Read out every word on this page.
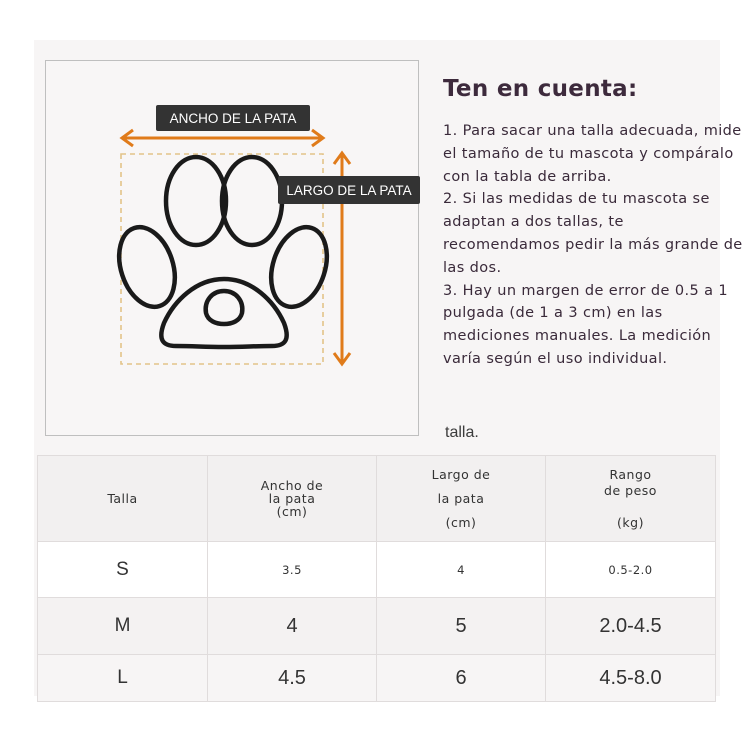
ANCHO DE LA PATA
LARGO DE LA PATA
Ten en cuenta:

1. Para sacar una talla adecuada, mide el tamaño de tu mascota y compáralo con la tabla de arriba.

2. Si las medidas de tu mascota se adaptan a dos tallas, te recomendamos pedir la más grande de las dos.

3. Hay un margen de error de 0.5 a 1 pulgada (de 1 a 3 cm) en las mediciones manuales. La medición varía según el uso individual.

talla.
Talla	Ancho de
la pata
(cm)	Largo de
la pata
(cm)	Rango
de peso

(kg)
S	3.5	4	0.5-2.0
M	4	5	2.0-4.5
L	4.5	6	4.5-8.0
